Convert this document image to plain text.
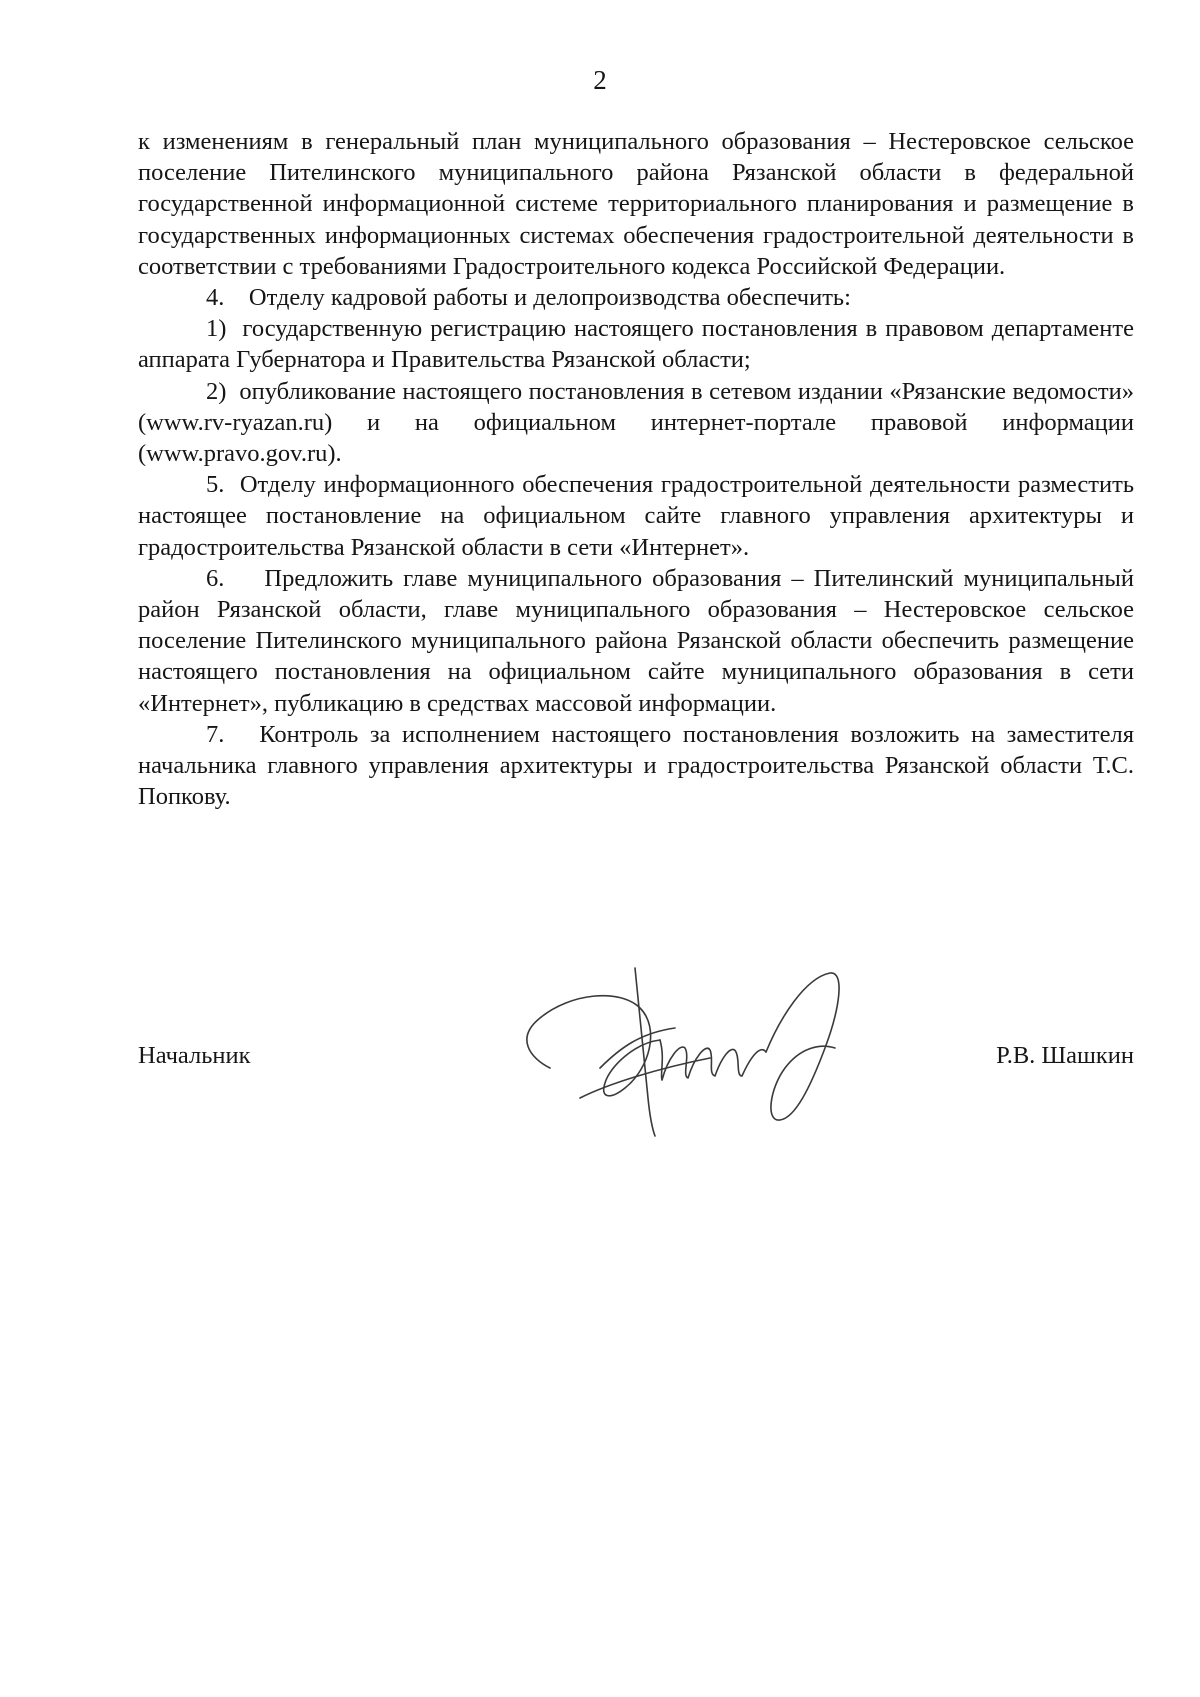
2

к изменениям в генеральный план муниципального образования – Нестеровское сельское поселение Пителинского муниципального района Рязанской области в федеральной государственной информационной системе территориального планирования и размещение в государственных информационных системах обеспечения градостроительной деятельности в соответствии с требованиями Градостроительного кодекса Российской Федерации.

4.    Отделу кадровой работы и делопроизводства обеспечить:

1)  государственную регистрацию настоящего постановления в правовом департаменте аппарата Губернатора и Правительства Рязанской области;

2)  опубликование настоящего постановления в сетевом издании «Рязанские ведомости» (www.rv-ryazan.ru) и на официальном интернет-портале правовой информации (www.pravo.gov.ru).

5.  Отделу информационного обеспечения градостроительной деятельности разместить настоящее постановление на официальном сайте главного управления архитектуры и градостроительства Рязанской области в сети «Интернет».

6.    Предложить главе муниципального образования – Пителинский муниципальный район Рязанской области, главе муниципального образования – Нестеровское сельское поселение Пителинского муниципального района Рязанской области обеспечить размещение настоящего постановления на официальном сайте муниципального образования в сети «Интернет», публикацию в средствах массовой информации.

7.   Контроль за исполнением настоящего постановления возложить на заместителя начальника главного управления архитектуры и градостроительства Рязанской области Т.С. Попкову.

Начальник	Р.В. Шашкин
